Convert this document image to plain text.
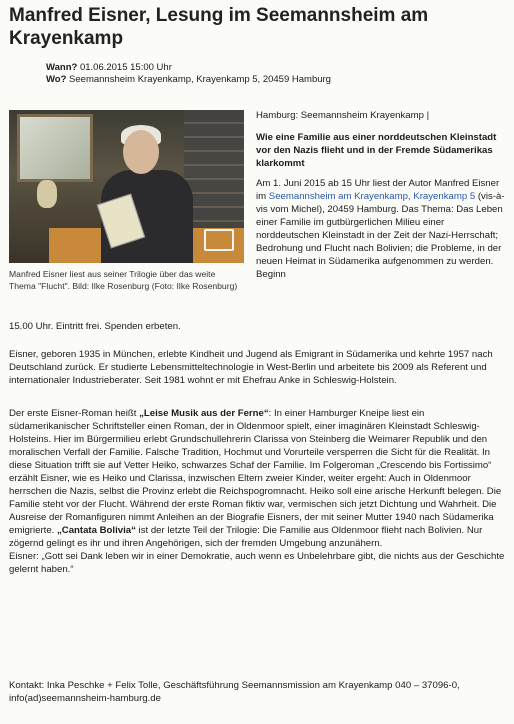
Manfred Eisner, Lesung im Seemannsheim am Krayenkamp
Wann? 01.06.2015 15:00 Uhr
Wo? Seemannsheim Krayenkamp, Krayenkamp 5, 20459 Hamburg
Manfred Eisner liest aus seiner Trilogie über das weite Thema "Flucht". Bild: Ilke Rosenburg (Foto: Ilke Rosenburg)

Hamburg: Seemannsheim Krayenkamp |

Wie eine Familie aus einer norddeutschen Kleinstadt vor den Nazis flieht und in der Fremde Südamerikas klarkommt

Am 1. Juni 2015 ab 15 Uhr liest der Autor Manfred Eisner im Seemannsheim am Krayenkamp, Krayenkamp 5 (vis-à-vis vom Michel), 20459 Hamburg. Das Thema: Das Leben einer Familie im gutbürgerlichen Milieu einer norddeutschen Kleinstadt in der Zeit der Nazi-Herrschaft; Bedrohung und Flucht nach Bolivien; die Probleme, in der neuen Heimat in Südamerika aufgenommen zu werden. Beginn

15.00 Uhr. Eintritt frei. Spenden erbeten.

Eisner, geboren 1935 in München, erlebte Kindheit und Jugend als Emigrant in Südamerika und kehrte 1957 nach Deutschland zurück. Er studierte Lebensmitteltechnologie in West-Berlin und arbeitete bis 2009 als Referent und internationaler Industrieberater. Seit 1981 wohnt er mit Ehefrau Anke in Schleswig-Holstein.

Der erste Eisner-Roman heißt „Leise Musik aus der Ferne“: In einer Hamburger Kneipe liest ein südamerikanischer Schriftsteller einen Roman, der in Oldenmoor spielt, einer imaginären Kleinstadt Schleswig-Holsteins. Hier im Bürgermilieu erlebt Grundschullehrerin Clarissa von Steinberg die Weimarer Republik und den moralischen Verfall der Familie. Falsche Tradition, Hochmut und Vorurteile versperren die Sicht für die Realität. In diese Situation trifft sie auf Vetter Heiko, schwarzes Schaf der Familie. Im Folgeroman „Crescendo bis Fortissimo“ erzählt Eisner, wie es Heiko und Clarissa, inzwischen Eltern zweier Kinder, weiter ergeht: Auch in Oldenmoor herrschen die Nazis, selbst die Provinz erlebt die Reichspogromnacht. Heiko soll eine arische Herkunft belegen. Die Familie steht vor der Flucht. Während der erste Roman fiktiv war, vermischen sich jetzt Dichtung und Wahrheit. Die Ausreise der Romanfiguren nimmt Anleihen an der Biografie Eisners, der mit seiner Mutter 1940 nach Südamerika emigrierte. „Cantata Bolivia“ ist der letzte Teil der Trilogie: Die Familie aus Oldenmoor flieht nach Bolivien. Nur zögernd gelingt es ihr und ihren Angehörigen, sich der fremden Umgebung anzunähern.
Eisner: „Gott sei Dank leben wir in einer Demokratie, auch wenn es Unbelehrbare gibt, die nichts aus der Geschichte gelernt haben.“

Kontakt: Inka Peschke + Felix Tolle, Geschäftsführung Seemannsmission am Krayenkamp 040 – 37096-0, info(ad)seemannsheim-hamburg.de
